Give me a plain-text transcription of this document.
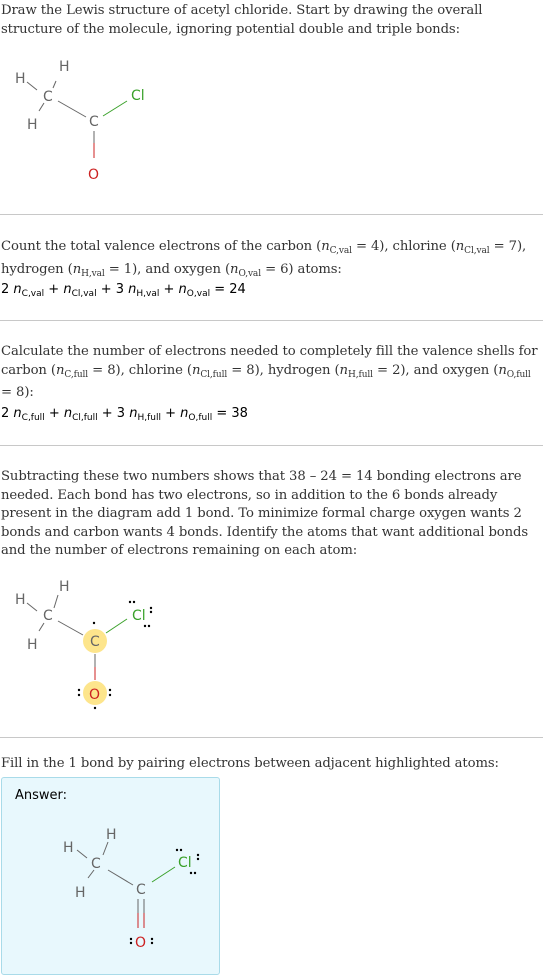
Draw the Lewis structure of acetyl chloride. Start by drawing the overall structure of the molecule, ignoring potential double and triple bonds:
H
H
H
C
C
Cl
O
Count the total valence electrons of the carbon $(n_{C,val} = 4)$, chlorine $(n_{Cl,val} = 7)$, hydrogen $(n_{H,val} = 1)$, and oxygen $(n_{O,val} = 6)$ atoms:
2 $n_{C,val} + n_{Cl,val} + 3$ $n_{H,val} + n_{O,val} = 24$
Calculate the number of electrons needed to completely fill the valence shells for carbon $(n_{C,full} = 8)$, chlorine $(n_{Cl,full} = 8)$, hydrogen $(n_{H,full} = 2)$, and oxygen $(n_{O,full} = 8)$:
2 $n_{C,full} + n_{Cl,full} + 3$ $n_{H,full} + n_{O,full} = 38$
Subtracting these two numbers shows that 38 – 24 = 14 bonding electrons are needed. Each bond has two electrons, so in addition to the 6 bonds already present in the diagram add 1 bond. To minimize formal charge oxygen wants 2 bonds and carbon wants 4 bonds. Identify the atoms that want additional bonds and the number of electrons remaining on each atom:
H
H
H
C
C
Cl
O
Fill in the 1 bond by pairing electrons between adjacent highlighted atoms:
Answer:
H
H
H
C
C
Cl
O
